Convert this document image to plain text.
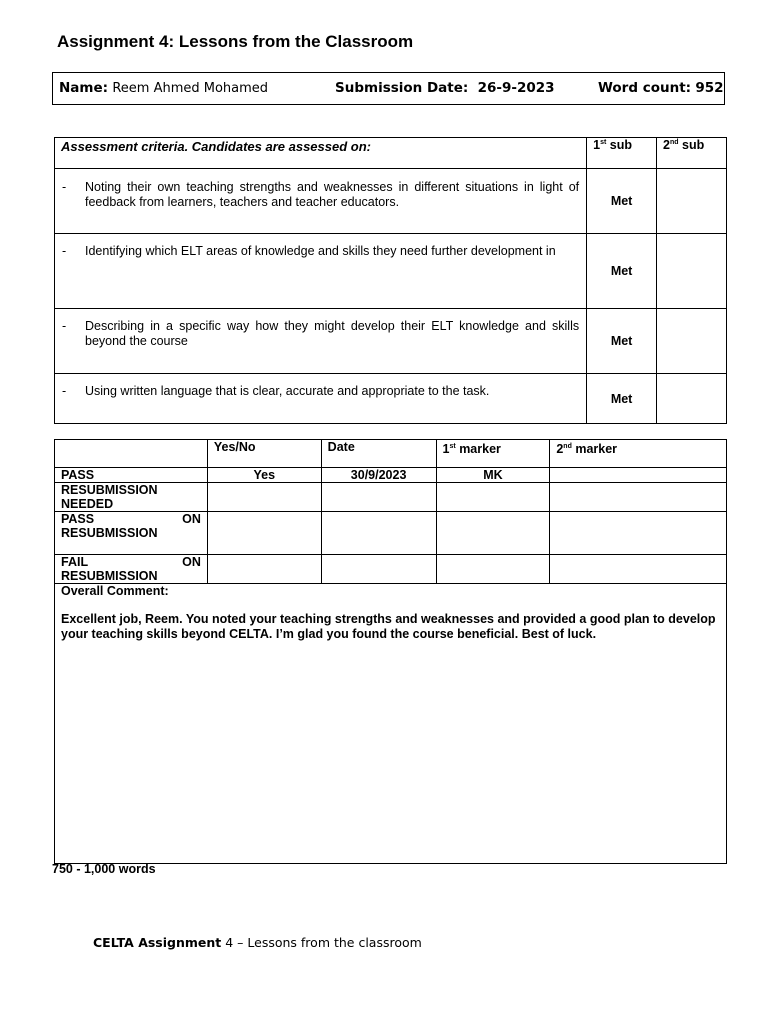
Assignment 4: Lessons from the Classroom
Name: Reem Ahmed Mohamed	Submission Date: 26-9-2023	Word count: 952
Assessment criteria. Candidates are assessed on:	1st sub	2nd sub

- Noting their own teaching strengths and weaknesses in different situations in light of feedback from learners, teachers and teacher educators.	Met	

- Identifying which ELT areas of knowledge and skills they need further development in	Met	

- Describing in a specific way how they might develop their ELT knowledge and skills beyond the course	Met	

- Using written language that is clear, accurate and appropriate to the task.	Met	
	Yes/No	Date	1st marker	2nd marker
PASS	Yes	30/9/2023	MK	

RESUBMISSION
NEEDED				

PASS ON
RESUBMISSION				

FAIL ON
RESUBMISSION				

Overall Comment:
Excellent job, Reem. You noted your teaching strengths and weaknesses and provided a good plan to develop your teaching skills beyond CELTA. I’m glad you found the course beneficial. Best of luck.				
750 - 1,000 words
CELTA Assignment 4 – Lessons from the classroom
